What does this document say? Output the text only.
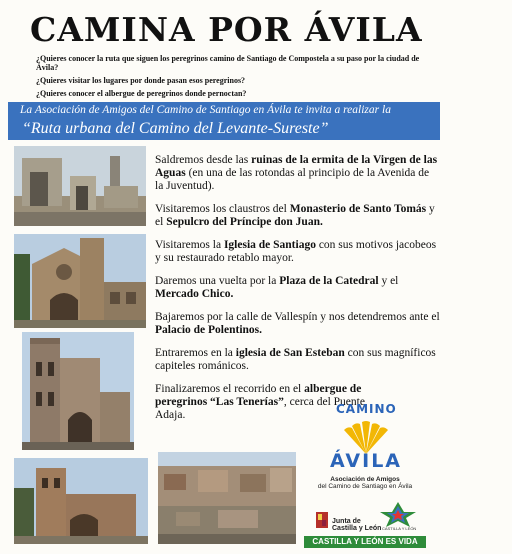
CAMINA POR ÁVILA

¿Quieres conocer la ruta que siguen los peregrinos camino de Santiago de Compostela a su paso por la ciudad de Ávila?

¿Quieres visitar los lugares por donde pasan esos peregrinos?

¿Quieres conocer el albergue de peregrinos donde pernoctan?

La Asociación de Amigos del Camino de Santiago en Ávila te invita a realizar la
“Ruta urbana del Camino del Levante-Sureste”

Saldremos desde las ruinas de la ermita de la Virgen de las Aguas (en una de las rotondas al principio de la Avenida de la Juventud).

Visitaremos los claustros del Monasterio de Santo Tomás y el Sepulcro del Príncipe don Juan.

Visitaremos la Iglesia de Santiago con sus motivos jacobeos y su restaurado retablo mayor.

Daremos una vuelta por la Plaza de la Catedral y el Mercado Chico.

Bajaremos por la calle de Vallespín y nos detendremos ante el Palacio de Polentinos.

Entraremos en la iglesia de San Esteban con sus magníficos capiteles románicos.

Finalizaremos el recorrido en el albergue de peregrinos “Las Tenerías”, cerca del Puente Adaja.	CAMINO
ÁVILA
Asociación de Amigos
del Camino de Santiago en Ávila
Junta de
Castilla y León CASTILLA Y LEÓN
CASTILLA Y LEÓN ES VIDA
